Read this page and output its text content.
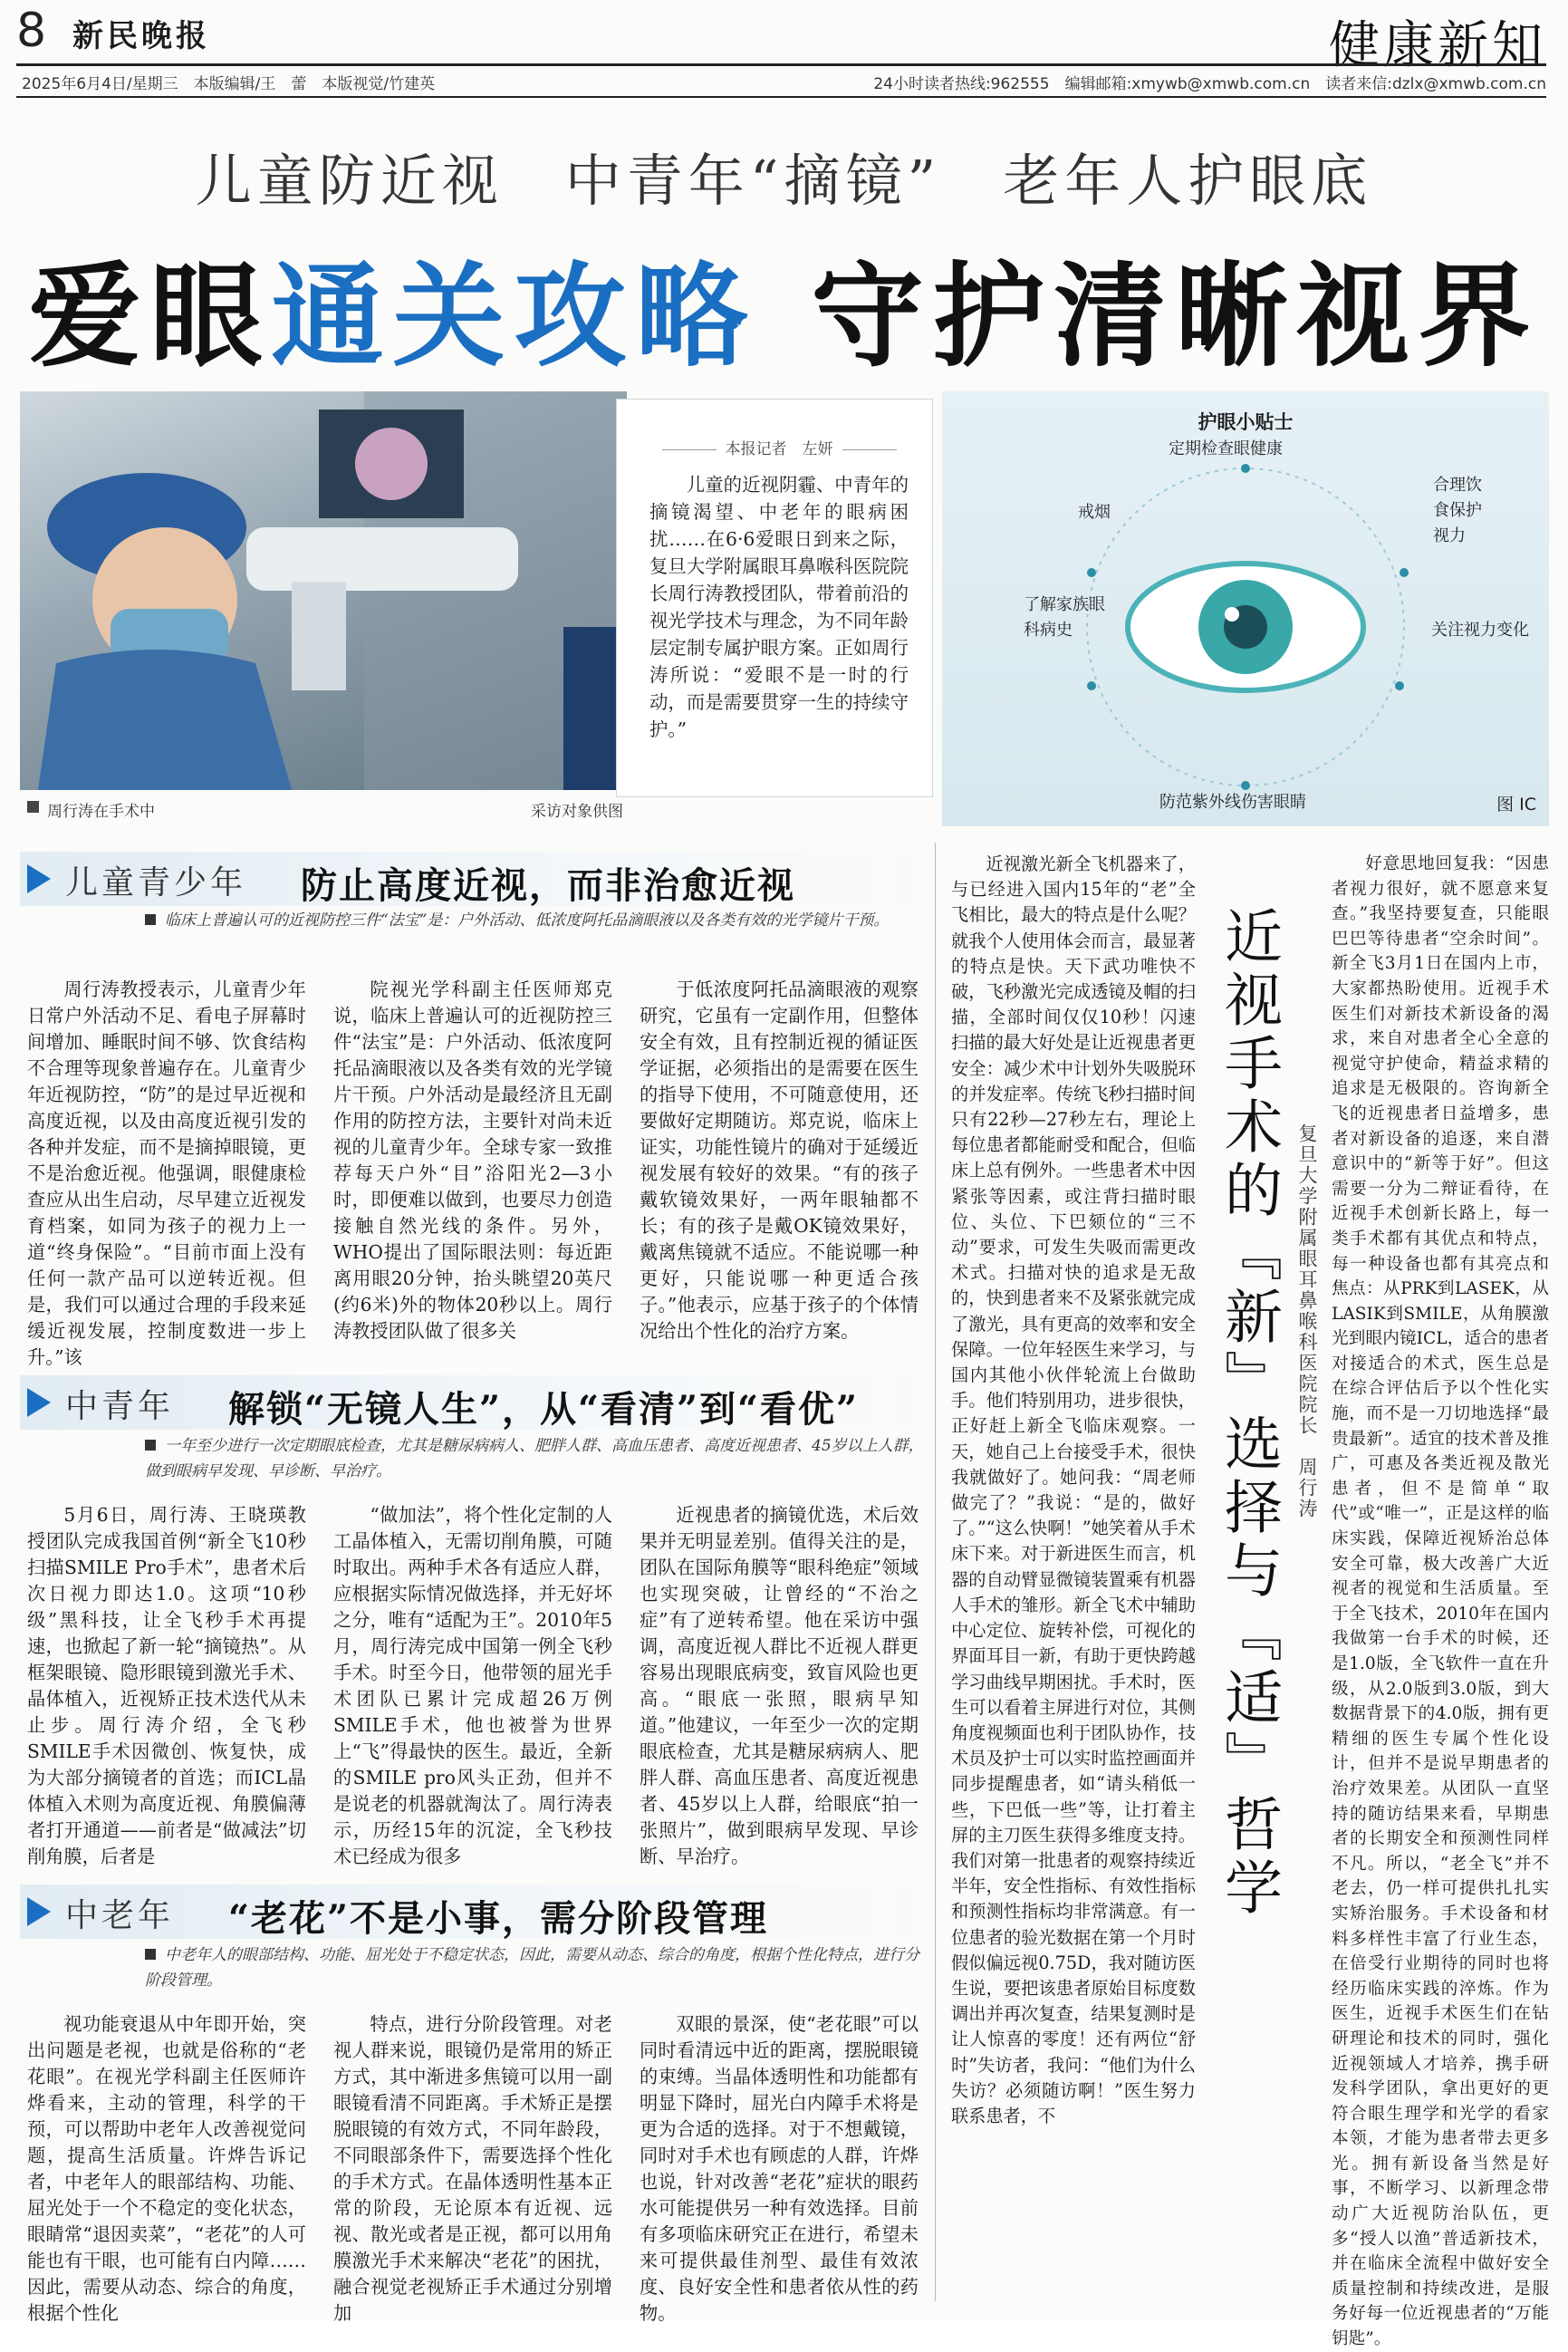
8 新民晚报	健康新知
2025年6月4日/星期三　本版编辑/王　蕾　本版视觉/竹建英	24小时读者热线:962555　编辑邮箱:xmywb@xmwb.com.cn　读者来信:dzlx@xmwb.com.cn
儿童防近视　中青年“摘镜”　老年人护眼底
爱眼通关攻略 守护清晰视界
周行涛在手术中	采访对象供图
本报记者　左妍

儿童的近视阴霾、中青年的摘镜渴望、中老年的眼病困扰……在6·6爱眼日到来之际，复旦大学附属眼耳鼻喉科医院院长周行涛教授团队，带着前沿的视光学技术与理念，为不同年龄层定制专属护眼方案。正如周行涛所说：“爱眼不是一时的行动，而是需要贯穿一生的持续守护。”

护眼小贴士
定期检查眼健康
合理饮食保护视力
关注视力变化
防范紫外线伤害眼睛
了解家族眼科病史
戒烟
图 IC
儿童青少年 防止高度近视，而非治愈近视
临床上普遍认可的近视防控三件“法宝”是：户外活动、低浓度阿托品滴眼液以及各类有效的光学镜片干预。

周行涛教授表示，儿童青少年日常户外活动不足、看电子屏幕时间增加、睡眠时间不够、饮食结构不合理等现象普遍存在。儿童青少年近视防控，“防”的是过早近视和高度近视，以及由高度近视引发的各种并发症，而不是摘掉眼镜，更不是治愈近视。他强调，眼健康检查应从出生启动，尽早建立近视发育档案，如同为孩子的视力上一道“终身保险”。“目前市面上没有任何一款产品可以逆转近视。但是，我们可以通过合理的手段来延缓近视发展，控制度数进一步上升。”该

院视光学科副主任医师郑克说，临床上普遍认可的近视防控三件“法宝”是：户外活动、低浓度阿托品滴眼液以及各类有效的光学镜片干预。户外活动是最经济且无副作用的防控方法，主要针对尚未近视的儿童青少年。全球专家一致推荐每天户外“目”浴阳光2—3小时，即便难以做到，也要尽力创造接触自然光线的条件。另外，WHO提出了国际眼法则：每近距离用眼20分钟，抬头眺望20英尺(约6米)外的物体20秒以上。周行涛教授团队做了很多关

于低浓度阿托品滴眼液的观察研究，它虽有一定副作用，但整体安全有效，且有控制近视的循证医学证据，必须指出的是需要在医生的指导下使用，不可随意使用，还要做好定期随访。郑克说，临床上证实，功能性镜片的确对于延缓近视发展有较好的效果。“有的孩子戴软镜效果好，一两年眼轴都不长；有的孩子是戴OK镜效果好，戴离焦镜就不适应。不能说哪一种更好，只能说哪一种更适合孩子。”他表示，应基于孩子的个体情况给出个性化的治疗方案。

中青年 解锁“无镜人生”，从“看清”到“看优”
一年至少进行一次定期眼底检查，尤其是糖尿病病人、肥胖人群、高血压患者、高度近视患者、45岁以上人群，做到眼病早发现、早诊断、早治疗。

5月6日，周行涛、王晓瑛教授团队完成我国首例“新全飞10秒扫描SMILE Pro手术”，患者术后次日视力即达1.0。这项“10秒级”黑科技，让全飞秒手术再提速，也掀起了新一轮“摘镜热”。从框架眼镜、隐形眼镜到激光手术、晶体植入，近视矫正技术迭代从未止步。周行涛介绍，全飞秒SMILE手术因微创、恢复快，成为大部分摘镜者的首选；而ICL晶体植入术则为高度近视、角膜偏薄者打开通道——前者是“做减法”切削角膜，后者是

“做加法”，将个性化定制的人工晶体植入，无需切削角膜，可随时取出。两种手术各有适应人群，应根据实际情况做选择，并无好坏之分，唯有“适配为王”。2010年5月，周行涛完成中国第一例全飞秒手术。时至今日，他带领的屈光手术团队已累计完成超26万例SMILE手术，他也被誉为世界上“飞”得最快的医生。最近，全新的SMILE pro风头正劲，但并不是说老的机器就淘汰了。周行涛表示，历经15年的沉淀，全飞秒技术已经成为很多

近视患者的摘镜优选，术后效果并无明显差别。值得关注的是，团队在国际角膜等“眼科绝症”领域也实现突破，让曾经的“不治之症”有了逆转希望。他在采访中强调，高度近视人群比不近视人群更容易出现眼底病变，致盲风险也更高。“眼底一张照，眼病早知道。”他建议，一年至少一次的定期眼底检查，尤其是糖尿病病人、肥胖人群、高血压患者、高度近视患者、45岁以上人群，给眼底“拍一张照片”，做到眼病早发现、早诊断、早治疗。

中老年 “老花”不是小事，需分阶段管理
中老年人的眼部结构、功能、屈光处于不稳定状态，因此，需要从动态、综合的角度，根据个性化特点，进行分阶段管理。

视功能衰退从中年即开始，突出问题是老视，也就是俗称的“老花眼”。在视光学科副主任医师许烨看来，主动的管理，科学的干预，可以帮助中老年人改善视觉问题，提高生活质量。许烨告诉记者，中老年人的眼部结构、功能、屈光处于一个不稳定的变化状态，眼睛常“退因卖菜”，“老花”的人可能也有干眼，也可能有白内障……因此，需要从动态、综合的角度，根据个性化

特点，进行分阶段管理。对老视人群来说，眼镜仍是常用的矫正方式，其中渐进多焦镜可以用一副眼镜看清不同距离。手术矫正是摆脱眼镜的有效方式，不同年龄段，不同眼部条件下，需要选择个性化的手术方式。在晶体透明性基本正常的阶段，无论原本有近视、远视、散光或者是正视，都可以用角膜激光手术来解决“老花”的困扰，融合视觉老视矫正手术通过分别增加

双眼的景深，使“老花眼”可以同时看清远中近的距离，摆脱眼镜的束缚。当晶体透明性和功能都有明显下降时，屈光白内障手术将是更为合适的选择。对于不想戴镜，同时对手术也有顾虑的人群，许烨也说，针对改善“老花”症状的眼药水可能提供另一种有效选择。目前有多项临床研究正在进行，希望未来可提供最佳剂型、最佳有效浓度、良好安全性和患者依从性的药物。

近视激光新全飞机器来了，与已经进入国内15年的“老”全飞相比，最大的特点是什么呢？就我个人使用体会而言，最显著的特点是快。天下武功唯快不破，飞秒激光完成透镜及帽的扫描，全部时间仅仅10秒！闪速扫描的最大好处是让近视患者更安全：减少术中计划外失吸脱环的并发症率。传统飞秒扫描时间只有22秒—27秒左右，理论上每位患者都能耐受和配合，但临床上总有例外。一些患者术中因紧张等因素，或注背扫描时眼位、头位、下巴颏位的“三不动”要求，可发生失吸而需更改术式。扫描对快的追求是无敌的，快到患者来不及紧张就完成了激光，具有更高的效率和安全保障。一位年轻医生来学习，与国内其他小伙伴轮流上台做助手。他们特别用功，进步很快，正好赶上新全飞临床观察。一天，她自己上台接受手术，很快我就做好了。她问我：“周老师做完了？”我说：“是的，做好了。”“这么快啊！”她笑着从手术床下来。对于新进医生而言，机器的自动臂显微镜装置乘有机器人手术的雏形。新全飞术中辅助中心定位、旋转补偿，可视化的界面耳目一新，有助于更快跨越学习曲线早期困扰。手术时，医生可以看着主屏进行对位，其侧角度视频面也利于团队协作，技术员及护士可以实时监控画面并同步提醒患者，如“请头稍低一些，下巴低一些”等，让打着主屏的主刀医生获得多维度支持。我们对第一批患者的观察持续近半年，安全性指标、有效性指标和预测性指标均非常满意。有一位患者的验光数据在第一个月时假似偏远视0.75D，我对随访医生说，要把该患者原始目标度数调出并再次复查，结果复测时是让人惊喜的零度！还有两位“舒时”失访者，我问：“他们为什么失访？必须随访啊！”医生努力联系患者，不

近视手术的『新』选择与『适』哲学 复旦大学附属眼耳鼻喉科医院院长　周行涛

好意思地回复我：“因患者视力很好，就不愿意来复查。”我坚持要复查，只能眼巴巴等待患者“空余时间”。新全飞3月1日在国内上市，大家都热盼使用。近视手术医生们对新技术新设备的渴求，来自对患者全心全意的视觉守护使命，精益求精的追求是无极限的。咨询新全飞的近视患者日益增多，患者对新设备的追逐，来自潜意识中的“新等于好”。但这需要一分为二辩证看待，在近视手术创新长路上，每一类手术都有其优点和特点，每一种设备也都有其亮点和焦点：从PRK到LASEK，从LASIK到SMILE，从角膜激光到眼内镜ICL，适合的患者对接适合的术式，医生总是在综合评估后予以个性化实施，而不是一刀切地选择“最贵最新”。适宜的技术普及推广，可惠及各类近视及散光患者，但不是简单“取代”或“唯一”，正是这样的临床实践，保障近视矫治总体安全可靠，极大改善广大近视者的视觉和生活质量。至于全飞技术，2010年在国内我做第一台手术的时候，还是1.0版，全飞软件一直在升级，从2.0版到3.0版，到大数据背景下的4.0版，拥有更精细的医生专属个性化设计，但并不是说早期患者的治疗效果差。从团队一直坚持的随访结果来看，早期患者的长期安全和预测性同样不凡。所以，“老全飞”并不老去，仍一样可提供扎扎实实矫治服务。手术设备和材料多样性丰富了行业生态，在倍受行业期待的同时也将经历临床实践的淬炼。作为医生，近视手术医生们在钻研理论和技术的同时，强化近视领域人才培养，携手研发科学团队，拿出更好的更符合眼生理学和光学的看家本领，才能为患者带去更多光。拥有新设备当然是好事，不断学习、以新理念带动广大近视防治队伍，更多“授人以渔”普适新技术，并在临床全流程中做好安全质量控制和持续改进，是服务好每一位近视患者的“万能钥匙”。
